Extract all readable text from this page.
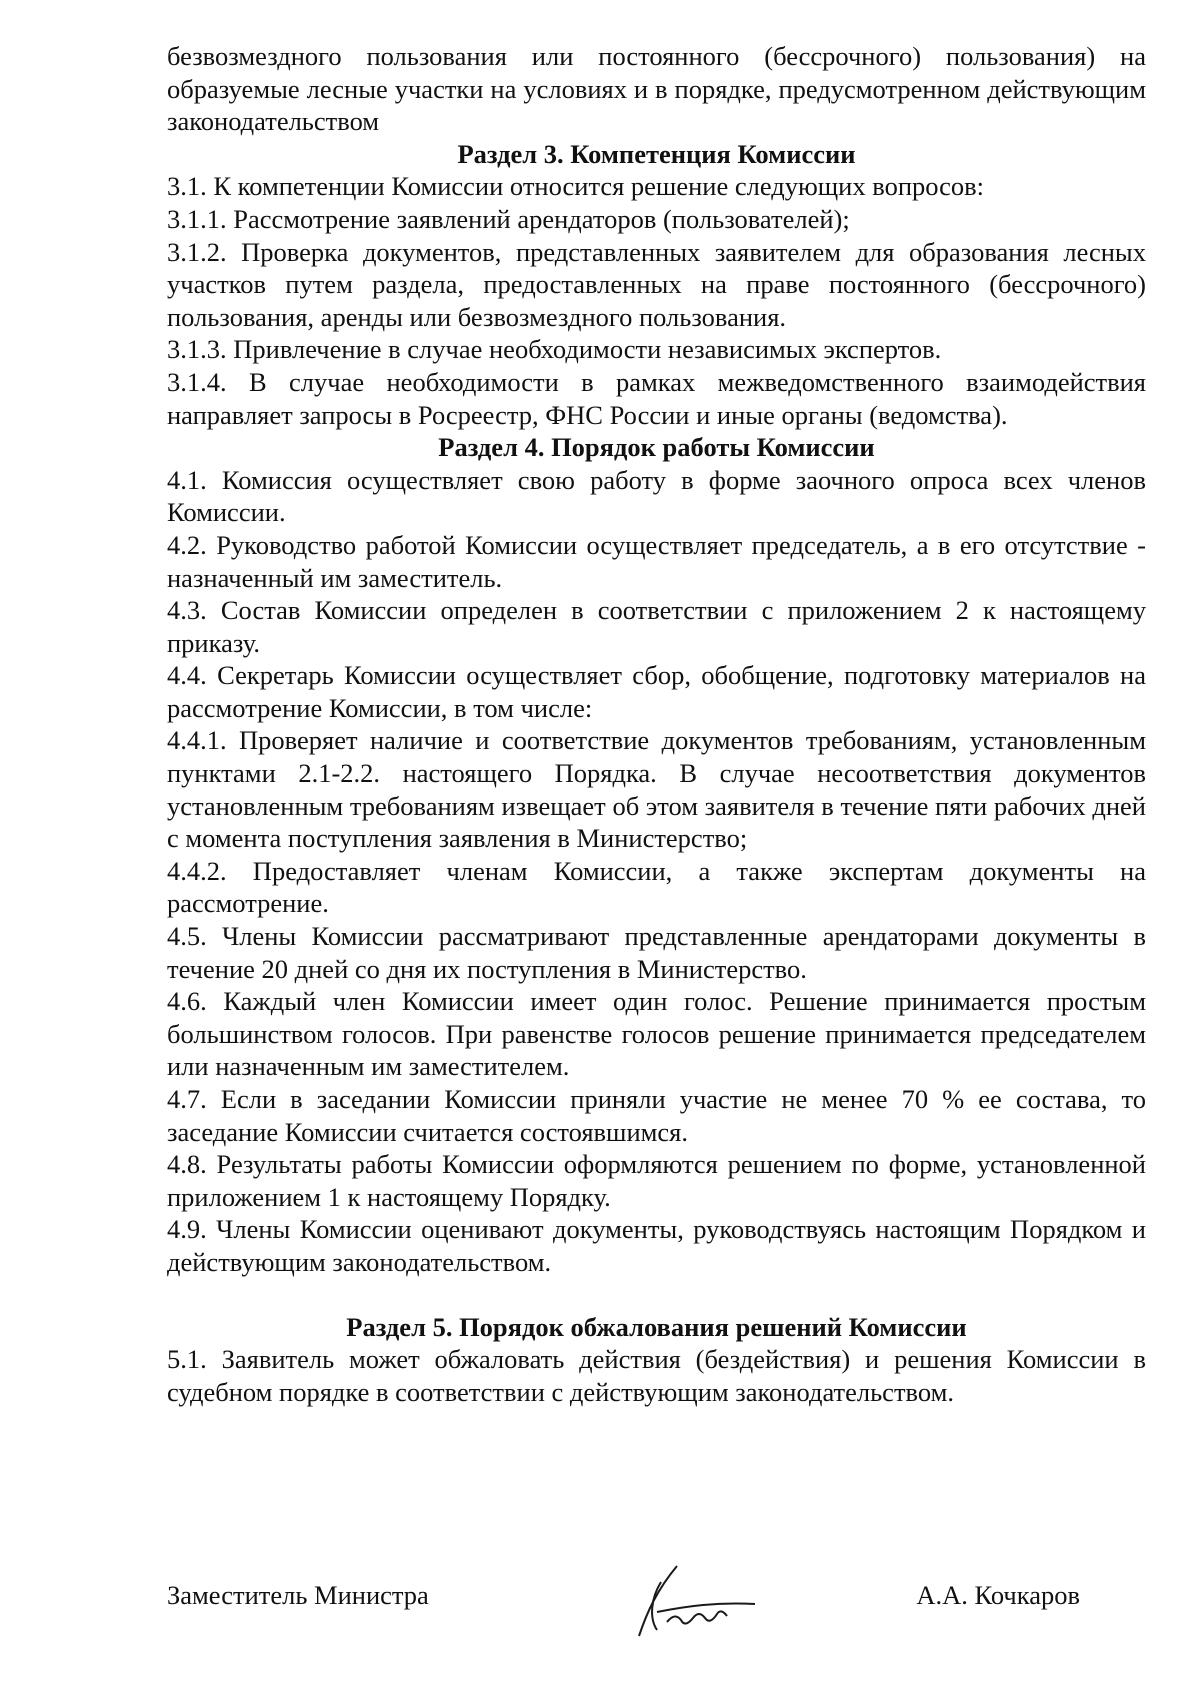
безвозмездного пользования или постоянного (бессрочного) пользования) на образуемые лесные участки на условиях и в порядке, предусмотренном действующим законодательством

Раздел 3. Компетенция Комиссии

3.1. К компетенции Комиссии относится решение следующих вопросов:

3.1.1. Рассмотрение заявлений арендаторов (пользователей);

3.1.2. Проверка документов, представленных заявителем для образования лесных участков путем раздела, предоставленных на праве постоянного (бессрочного) пользования, аренды или безвозмездного пользования.

3.1.3. Привлечение в случае необходимости независимых экспертов.

3.1.4. В случае необходимости в рамках межведомственного взаимодействия направляет запросы в Росреестр, ФНС России и иные органы (ведомства).

Раздел 4. Порядок работы Комиссии

4.1. Комиссия осуществляет свою работу в форме заочного опроса всех членов Комиссии.

4.2. Руководство работой Комиссии осуществляет председатель, а в его отсутствие - назначенный им заместитель.

4.3. Состав Комиссии определен в соответствии с приложением 2 к настоящему приказу.

4.4. Секретарь Комиссии осуществляет сбор, обобщение, подготовку материалов на рассмотрение Комиссии, в том числе:

4.4.1. Проверяет наличие и соответствие документов требованиям, установленным пунктами 2.1-2.2. настоящего Порядка. В случае несоответствия документов установленным требованиям извещает об этом заявителя в течение пяти рабочих дней с момента поступления заявления в Министерство;

4.4.2. Предоставляет членам Комиссии, а также экспертам документы на рассмотрение.

4.5. Члены Комиссии рассматривают представленные арендаторами документы в течение 20 дней со дня их поступления в Министерство.

4.6. Каждый член Комиссии имеет один голос. Решение принимается простым большинством голосов. При равенстве голосов решение принимается председателем или назначенным им заместителем.

4.7. Если в заседании Комиссии приняли участие не менее 70 % ее состава, то заседание Комиссии считается состоявшимся.

4.8. Результаты работы Комиссии оформляются решением по форме, установленной приложением 1 к настоящему Порядку.

4.9. Члены Комиссии оценивают документы, руководствуясь настоящим Порядком и действующим законодательством.

Раздел 5. Порядок обжалования решений Комиссии

5.1. Заявитель может обжаловать действия (бездействия) и решения Комиссии в судебном порядке в соответствии с действующим законодательством.

Заместитель Министра	А.А. Кочкаров
